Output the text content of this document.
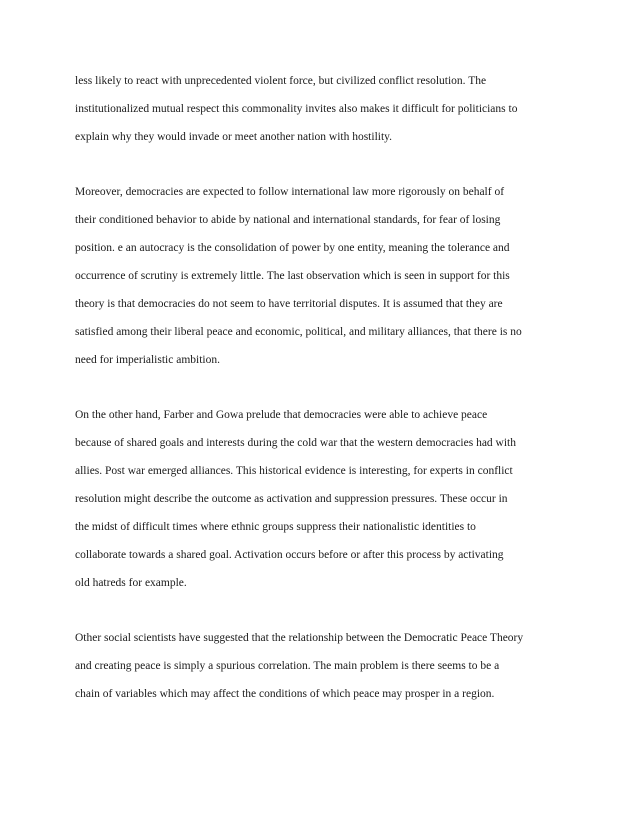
less likely to react with unprecedented violent force, but civilized conflict resolution. The
institutionalized mutual respect this commonality invites also makes it difficult for politicians to
explain why they would invade or meet another nation with hostility.
Moreover, democracies are expected to follow international law more rigorously on behalf of
their conditioned behavior to abide by national and international standards, for fear of losing
position. e an autocracy is the consolidation of power by one entity, meaning the tolerance and
occurrence of scrutiny is extremely little. The last observation which is seen in support for this
theory is that democracies do not seem to have territorial disputes. It is assumed that they are
satisfied among their liberal peace and economic, political, and military alliances, that there is no
need for imperialistic ambition.
On the other hand, Farber and Gowa prelude that democracies were able to achieve peace
because of shared goals and interests during the cold war that the western democracies had with
allies. Post war emerged alliances. This historical evidence is interesting, for experts in conflict
resolution might describe the outcome as activation and suppression pressures. These occur in
the midst of difficult times where ethnic groups suppress their nationalistic identities to
collaborate towards a shared goal. Activation occurs before or after this process by activating
old hatreds for example.
Other social scientists have suggested that the relationship between the Democratic Peace Theory
and creating peace is simply a spurious correlation. The main problem is there seems to be a
chain of variables which may affect the conditions of which peace may prosper in a region.
